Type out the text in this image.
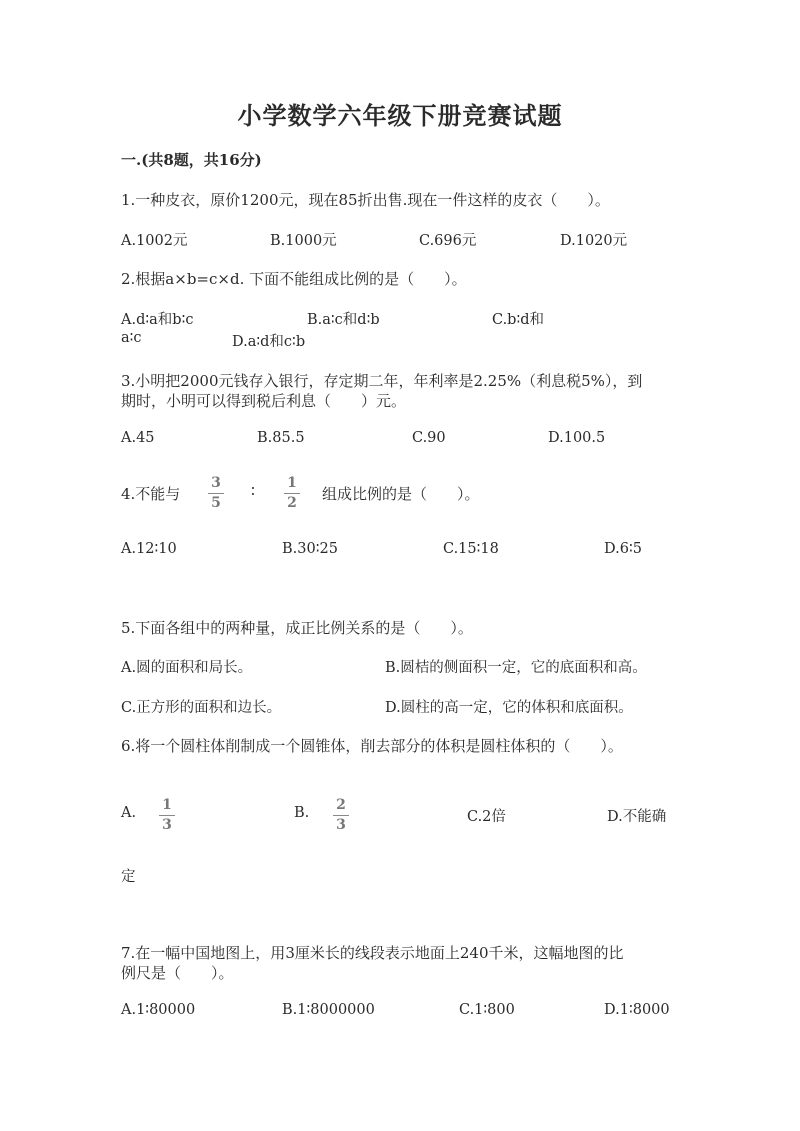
小学数学六年级下册竞赛试题
一.(共8题，共16分)
1.一种皮衣，原价1200元，现在85折出售.现在一件这样的皮衣（　　）。
A.1002元	B.1000元	C.696元	D.1020元
2.根据a×b=c×d. 下面不能组成比例的是（　　）。
A.d∶a和b∶c	B.a∶c和d∶b	C.b∶d和
a∶c	D.a∶d和c∶b
3.小明把2000元钱存入银行，存定期二年，年利率是2.25%（利息税5%），到
期时，小明可以得到税后利息（　　）元。
A.45	B.85.5	C.90	D.100.5
4.不能与
3
5
∶	1
2	组成比例的是（　　）。
A.12∶10	B.30∶25	C.15∶18	D.6∶5
5.下面各组中的两种量，成正比例关系的是（　　）。
A.圆的面积和局长。	B.圆桔的侧面积一定，它的底面积和高。
C.正方形的面积和边长。	D.圆柱的高一定，它的体积和底面积。
6.将一个圆柱体削制成一个圆锥体，削去部分的体积是圆柱体积的（　　）。
A.	1
3
B.	2
3	C.2倍	D.不能确
定
7.在一幅中国地图上，用3厘米长的线段表示地面上240千米，这幅地图的比
例尺是（　　）。
A.1∶80000	B.1∶8000000	C.1∶800	D.1∶8000
